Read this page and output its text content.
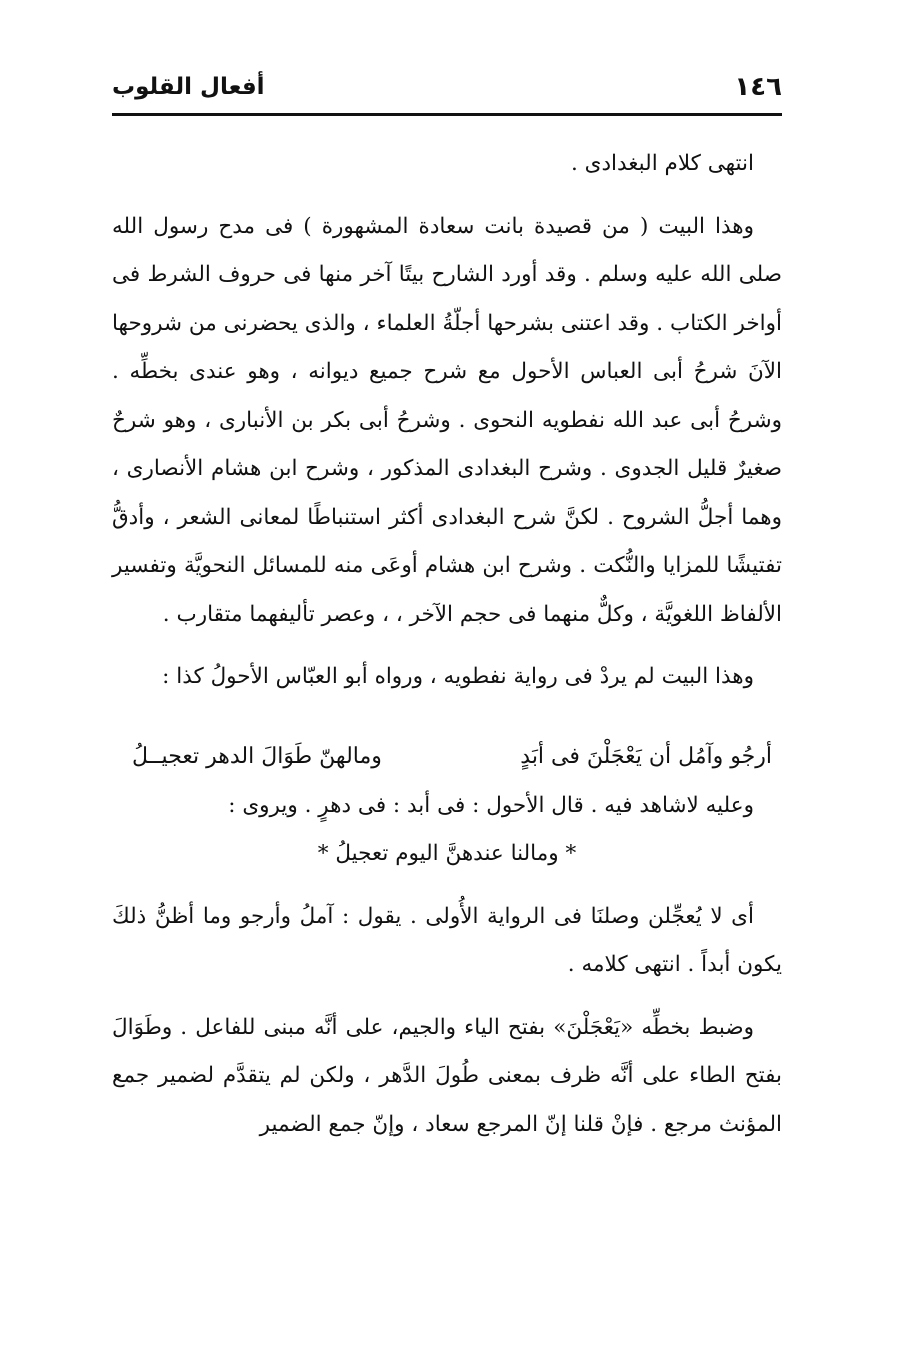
١٤٦
أفعال القلوب

انتهى كلام البغدادى .

وهذا البيت ( من قصيدة بانت سعادة المشهورة ) فى مدح رسول الله صلى الله عليه وسلم . وقد أورد الشارح بيتًا آخر منها فى حروف الشرط فى أواخر الكتاب . وقد اعتنى بشرحها أجلّةُ العلماء ، والذى يحضرنى من شروحها الآنَ شرحُ أبى العباس الأحول مع شرح جميع ديوانه ، وهو عندى بخطِّه . وشرحُ أبى عبد الله نفطويه النحوى . وشرحُ أبى بكر بن الأنبارى ، وهو شرحٌ صغيرٌ قليل الجدوى . وشرح البغدادى المذكور ، وشرح ابن هشام الأنصارى ، وهما أجلُّ الشروح . لكنَّ شرح البغدادى أكثر استنباطًا لمعانى الشعر ، وأدقُّ تفتيشًا للمزايا والنُّكت . وشرح ابن هشام أوعَى منه للمسائل النحويَّة وتفسير الألفاظ اللغويَّة ، وكلٌّ منهما فى حجم الآخر ، ، وعصر تأليفهما متقارب .

وهذا البيت لم يردْ فى رواية نفطويه ، ورواه أبو العبّاس الأحولُ كذا :

أرجُو وآمُل أن يَعْجَلْنَ فى أبَدٍ
ومالهنّ طَوَالَ الدهر تعجيــلُ

وعليه لاشاهد فيه . قال الأحول : فى أبد : فى دهرٍ . ويروى :

* ومالنا عندهنَّ اليوم تعجيلُ *

أى لا يُعجِّلن وصلنَا فى الرواية الأُولى . يقول : آملُ وأرجو وما أظنُّ ذلكَ يكون أبداً . انتهى كلامه .

وضبط بخطِّه «يَعْجَلْنَ» بفتح الياء والجيم، على أنَّه مبنى للفاعل . وطَوَالَ بفتح الطاء على أنَّه ظرف بمعنى طُولَ الدَّهر ، ولكن لم يتقدَّم لضمير جمع المؤنث مرجع . فإنْ قلنا إنّ المرجع سعاد ، وإنّ جمع الضمير
